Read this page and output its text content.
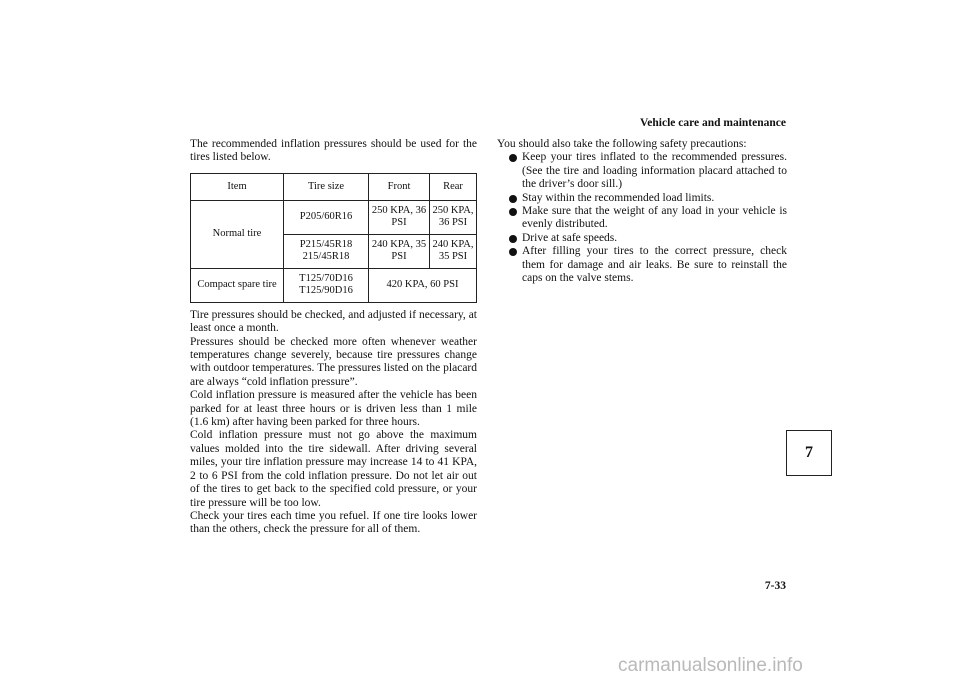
Vehicle care and maintenance

The recommended inflation pressures should be used for the tires listed below.

Item	Tire size	Front	Rear
Normal tire	P205/60R16	250 KPA, 36 PSI	250 KPA, 36 PSI
	P215/45R18 215/45R18	240 KPA, 35 PSI	240 KPA, 35 PSI
Compact spare tire	T125/70D16 T125/90D16	420 KPA, 60 PSI	

Tire pressures should be checked, and adjusted if necessary, at least once a month.

Pressures should be checked more often whenever weather temperatures change severely, because tire pressures change with outdoor temperatures. The pressures listed on the placard are always “cold inflation pressure”.

Cold inflation pressure is measured after the vehicle has been parked for at least three hours or is driven less than 1 mile (1.6 km) after having been parked for three hours.

Cold inflation pressure must not go above the maximum values molded into the tire sidewall. After driving several miles, your tire inflation pressure may increase 14 to 41 KPA, 2 to 6 PSI from the cold inflation pressure. Do not let air out of the tires to get back to the specified cold pressure, or your tire pressure will be too low.

Check your tires each time you refuel. If one tire looks lower than the others, check the pressure for all of them.

You should also take the following safety precautions:

Keep your tires inflated to the recommended pressures. (See the tire and loading information placard attached to the driver’s door sill.)
Stay within the recommended load limits.
Make sure that the weight of any load in your vehicle is evenly distributed.
Drive at safe speeds.
After filling your tires to the correct pressure, check them for damage and air leaks. Be sure to reinstall the caps on the valve stems.
7
7-33
carmanualsonline.info
